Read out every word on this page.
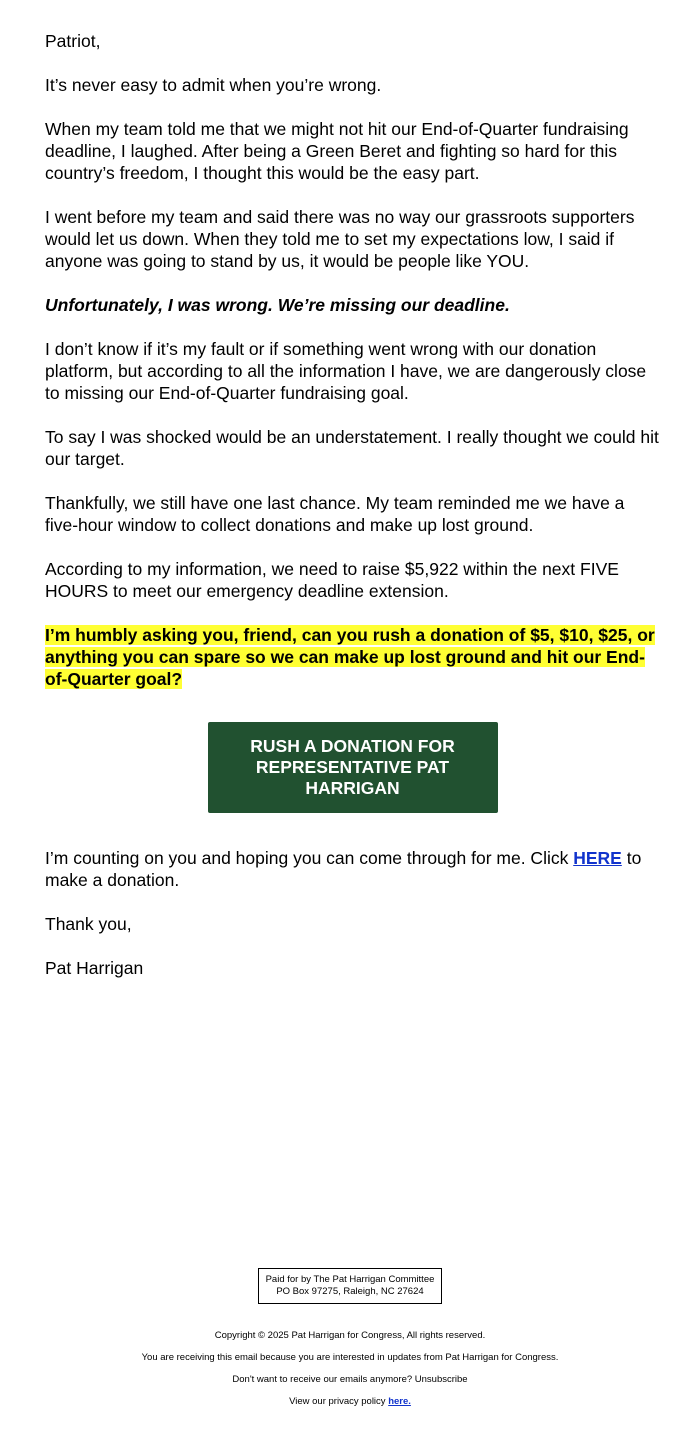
Patriot,

It’s never easy to admit when you’re wrong.

When my team told me that we might not hit our End-of-Quarter fundraising deadline, I laughed. After being a Green Beret and fighting so hard for this country’s freedom, I thought this would be the easy part.

I went before my team and said there was no way our grassroots supporters would let us down. When they told me to set my expectations low, I said if anyone was going to stand by us, it would be people like YOU.

Unfortunately, I was wrong. We’re missing our deadline.

I don’t know if it’s my fault or if something went wrong with our donation platform, but according to all the information I have, we are dangerously close to missing our End-of-Quarter fundraising goal.

To say I was shocked would be an understatement. I really thought we could hit our target.

Thankfully, we still have one last chance. My team reminded me we have a five-hour window to collect donations and make up lost ground.

According to my information, we need to raise $5,922 within the next FIVE HOURS to meet our emergency deadline extension.

I’m humbly asking you, friend, can you rush a donation of $5, $10, $25, or anything you can spare so we can make up lost ground and hit our End-of-Quarter goal?

RUSH A DONATION FOR REPRESENTATIVE PAT HARRIGAN

I’m counting on you and hoping you can come through for me. Click HERE to make a donation.

Thank you,

Pat Harrigan

Paid for by The Pat Harrigan Committee
PO Box 97275, Raleigh, NC 27624
Copyright © 2025 Pat Harrigan for Congress, All rights reserved.
You are receiving this email because you are interested in updates from Pat Harrigan for Congress.
Don't want to receive our emails anymore? Unsubscribe
View our privacy policy here.
